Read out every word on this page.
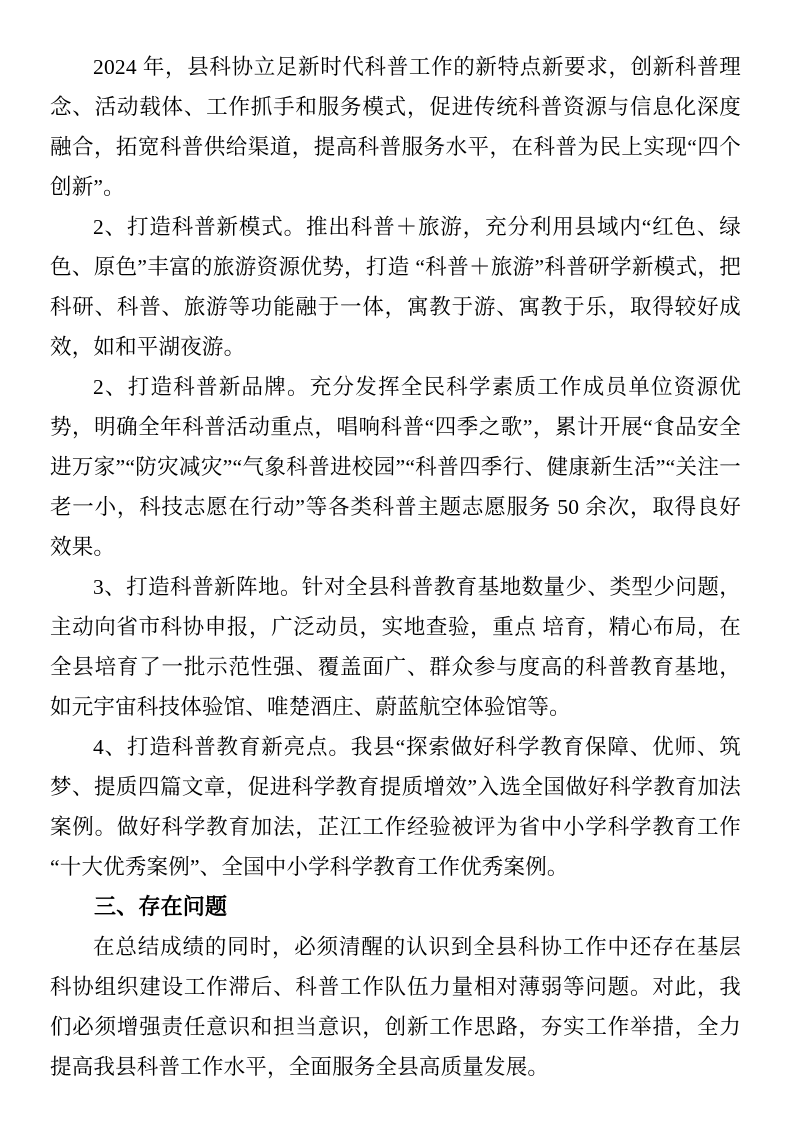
2024 年，县科协立足新时代科普工作的新特点新要求，创新科普理念、活动载体、工作抓手和服务模式，促进传统科普资源与信息化深度融合，拓宽科普供给渠道，提高科普服务水平，在科普为民上实现“四个创新”。

2、打造科普新模式。推出科普＋旅游，充分利用县域内“红色、绿色、原色”丰富的旅游资源优势，打造 “科普＋旅游”科普研学新模式，把科研、科普、旅游等功能融于一体，寓教于游、寓教于乐，取得较好成效，如和平湖夜游。

2、打造科普新品牌。充分发挥全民科学素质工作成员单位资源优势，明确全年科普活动重点，唱响科普“四季之歌”，累计开展“食品安全进万家”“防灾减灾”“气象科普进校园”“科普四季行、健康新生活”“关注一老一小，科技志愿在行动”等各类科普主题志愿服务 50 余次，取得良好效果。

3、打造科普新阵地。针对全县科普教育基地数量少、类型少问题，主动向省市科协申报，广泛动员，实地查验，重点 培育，精心布局，在全县培育了一批示范性强、覆盖面广、群众参与度高的科普教育基地，如元宇宙科技体验馆、唯楚酒庄、蔚蓝航空体验馆等。

4、打造科普教育新亮点。我县“探索做好科学教育保障、优师、筑梦、提质四篇文章，促进科学教育提质增效”入选全国做好科学教育加法案例。做好科学教育加法，芷江工作经验被评为省中小学科学教育工作“十大优秀案例”、全国中小学科学教育工作优秀案例。

三、存在问题

在总结成绩的同时，必须清醒的认识到全县科协工作中还存在基层科协组织建设工作滞后、科普工作队伍力量相对薄弱等问题。对此，我们必须增强责任意识和担当意识，创新工作思路，夯实工作举措，全力提高我县科普工作水平，全面服务全县高质量发展。
